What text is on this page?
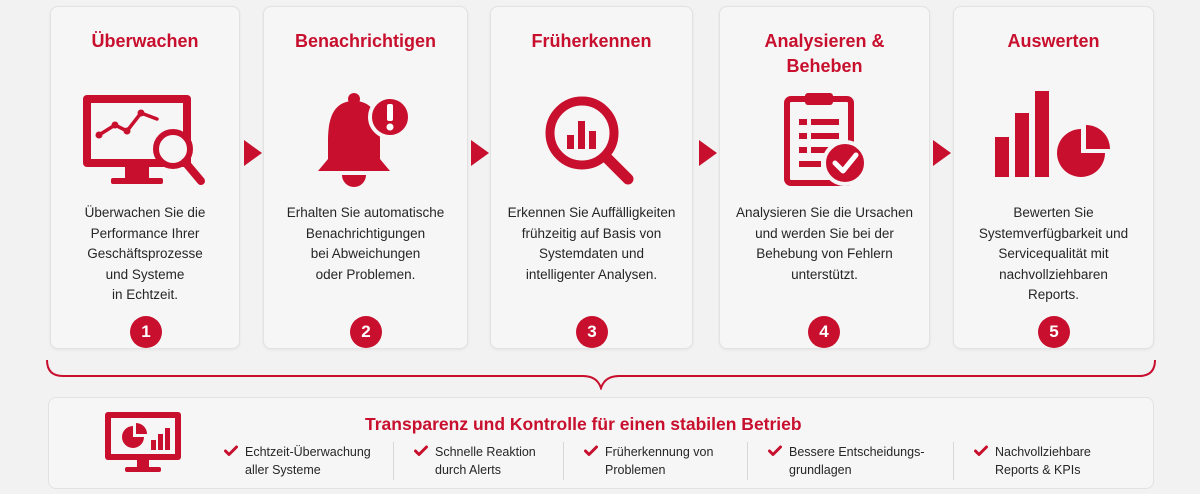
Überwachen
Überwachen Sie die
Performance Ihrer
Geschäftsprozesse
und Systeme
in Echtzeit.
1
Benachrichtigen
Erhalten Sie automatische
Benachrichtigungen
bei Abweichungen
oder Problemen.
2
Früherkennen
Erkennen Sie Auffälligkeiten
frühzeitig auf Basis von
Systemdaten und
intelligenter Analysen.
3
Analysieren &
Beheben
Analysieren Sie die Ursachen
und werden Sie bei der
Behebung von Fehlern
unterstützt.
4
Auswerten
Bewerten Sie
Systemverfügbarkeit und
Servicequalität mit
nachvollziehbaren
Reports.
5
Transparenz und Kontrolle für einen stabilen Betrieb
Echtzeit-Überwachung
aller Systeme
Schnelle Reaktion
durch Alerts
Früherkennung von
Problemen
Bessere Entscheidungs-
grundlagen
Nachvollziehbare
Reports & KPIs
